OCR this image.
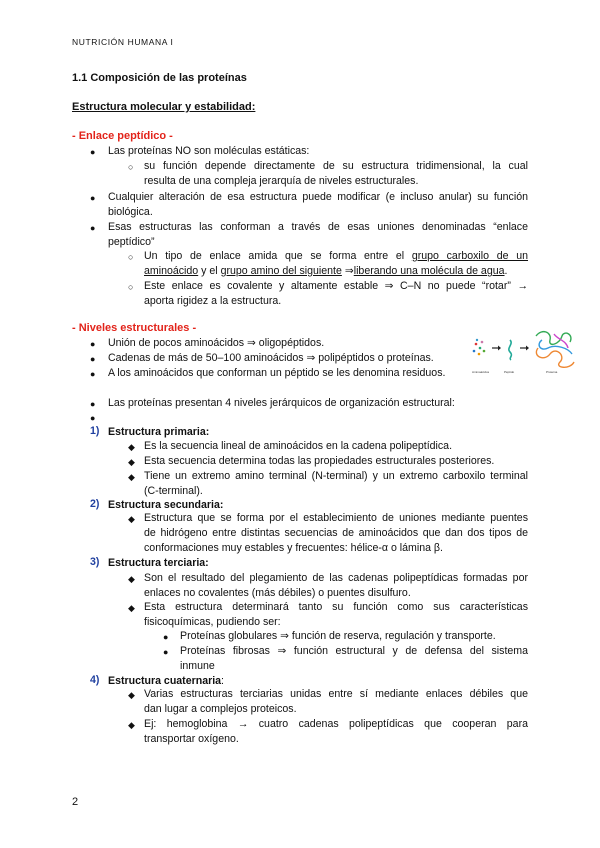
NUTRICIÓN HUMANA I
1.1 Composición de las proteínas
Estructura molecular y estabilidad:
- Enlace peptídico -
● Las proteínas NO son moléculas estáticas:
○ su función depende directamente de su estructura tridimensional, la cual
resulta de una compleja jerarquía de niveles estructurales.
● Cualquier alteración de esa estructura puede modificar (e incluso anular) su función
biológica.
● Esas estructuras las conforman a través de esas uniones denominadas “enlace
peptídico”
○ Un tipo de enlace amida que se forma entre el grupo carboxilo de un
aminoácido y el grupo amino del siguiente ⇒liberando una molécula de agua.
○ Este enlace es covalente y altamente estable ⇒ C–N no puede “rotar” →
aporta rigidez a la estructura.
- Niveles estructurales -
● Unión de pocos aminoácidos ⇒ oligopéptidos.
● Cadenas de más de 50–100 aminoácidos ⇒ polipéptidos o proteínas.
● A los aminoácidos que conforman un péptido se les denomina residuos.	Aminoácidos	Péptido	Proteína
● Las proteínas presentan 4 niveles jerárquicos de organización estructural:
●
1) Estructura primaria:
◆ Es la secuencia lineal de aminoácidos en la cadena polipeptídica.
◆ Esta secuencia determina todas las propiedades estructurales posteriores.
◆ Tiene un extremo amino terminal (N-terminal) y un extremo carboxilo terminal
(C-terminal).
2) Estructura secundaria:
◆ Estructura que se forma por el establecimiento de uniones mediante puentes
de hidrógeno entre distintas secuencias de aminoácidos que dan dos tipos de
conformaciones muy estables y frecuentes: hélice-α o lámina β.
3) Estructura terciaria:
◆ Son el resultado del plegamiento de las cadenas polipeptídicas formadas por
enlaces no covalentes (más débiles) o puentes disulfuro.
◆ Esta estructura determinará tanto su función como sus características
fisicoquímicas, pudiendo ser:
● Proteínas globulares ⇒ función de reserva, regulación y transporte.
● Proteínas fibrosas ⇒ función estructural y de defensa del sistema
inmune
4) Estructura cuaternaria:
◆ Varias estructuras terciarias unidas entre sí mediante enlaces débiles que
dan lugar a complejos proteicos.
◆ Ej: hemoglobina → cuatro cadenas polipeptídicas que cooperan para
transportar oxígeno.
2
